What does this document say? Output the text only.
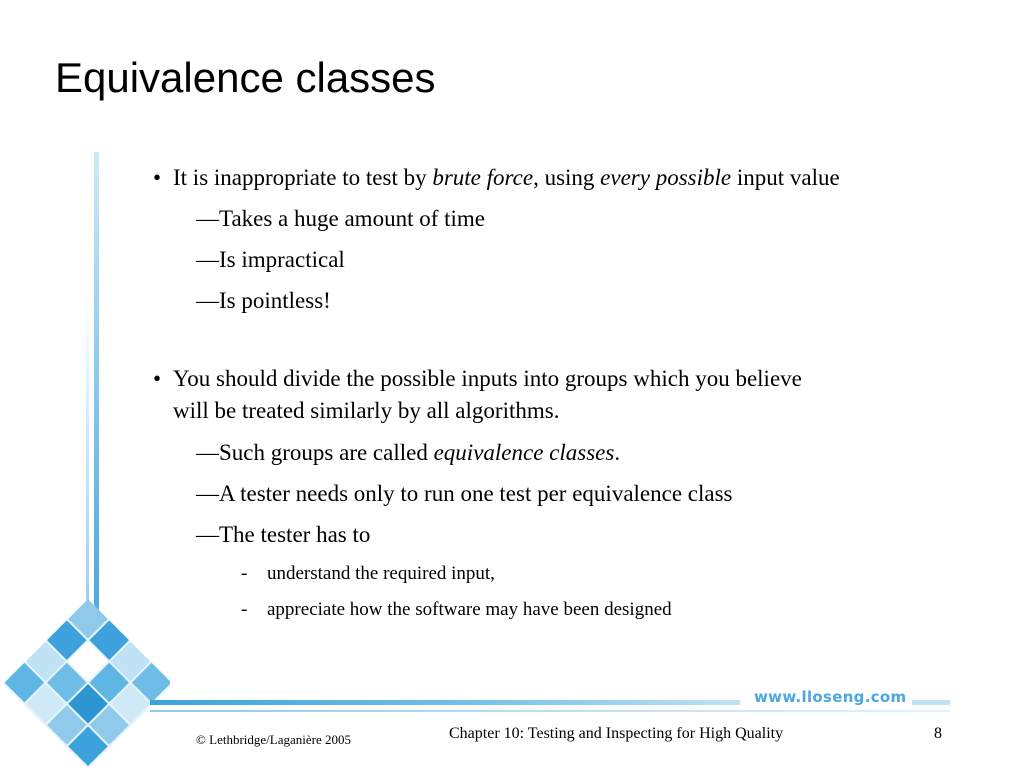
Equivalence classes
• It is inappropriate to test by brute force, using every possible input value
—Takes a huge amount of time
—Is impractical
—Is pointless!
• You should divide the possible inputs into groups which you believe
will be treated similarly by all algorithms.
—Such groups are called equivalence classes.
—A tester needs only to run one test per equivalence class
—The tester has to
- understand the required input,
- appreciate how the software may have been designed
www.lloseng.com
© Lethbridge/Laganière 2005	Chapter 10: Testing and Inspecting for High Quality	8
